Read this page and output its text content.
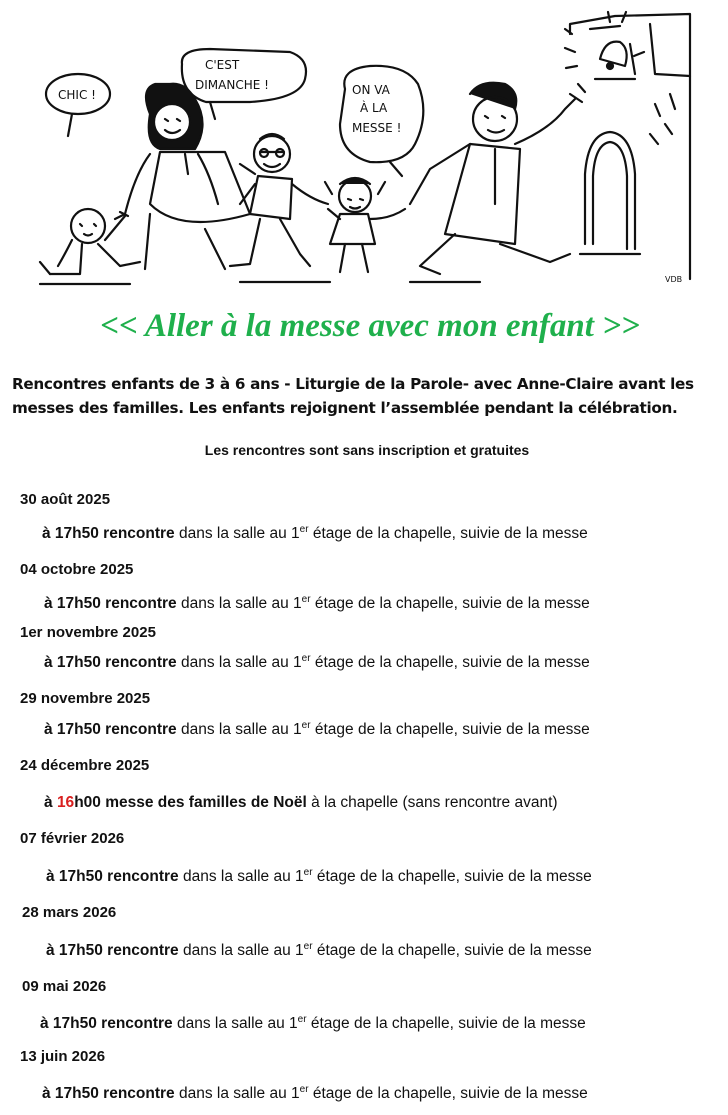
CHIC !
C'EST
DIMANCHE !	ON VA
À LA
MESSE !
VDB
<< Aller à la messe avec mon enfant >>
Rencontres enfants de 3 à 6 ans - Liturgie de la Parole- avec Anne-Claire avant les messes des familles. Les enfants rejoignent l’assemblée pendant la célébration.
Les rencontres sont sans inscription et gratuites
30 août 2025
à 17h50 rencontre dans la salle au 1er étage de la chapelle, suivie de la messe
04 octobre 2025
à 17h50 rencontre dans la salle au 1er étage de la chapelle, suivie de la messe
1er novembre 2025
à 17h50 rencontre dans la salle au 1er étage de la chapelle, suivie de la messe
29 novembre 2025
à 17h50 rencontre dans la salle au 1er étage de la chapelle, suivie de la messe
24 décembre 2025
à 16h00 messe des familles de Noël à la chapelle (sans rencontre avant)
07 février 2026
à 17h50 rencontre dans la salle au 1er étage de la chapelle, suivie de la messe
28 mars 2026
à 17h50 rencontre dans la salle au 1er étage de la chapelle, suivie de la messe
09 mai 2026
à 17h50 rencontre dans la salle au 1er étage de la chapelle, suivie de la messe
13 juin 2026
à 17h50 rencontre dans la salle au 1er étage de la chapelle, suivie de la messe
